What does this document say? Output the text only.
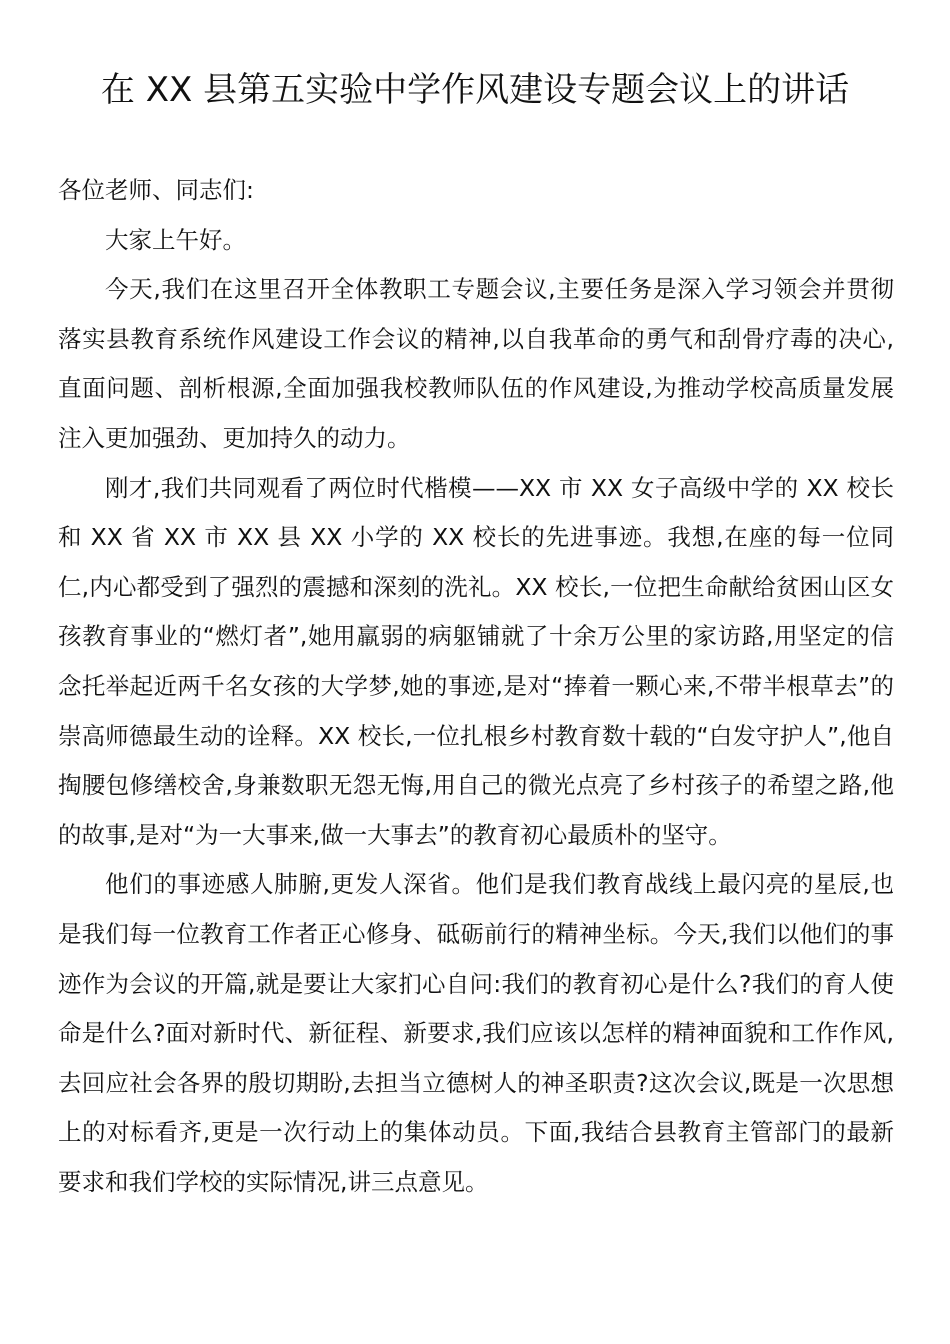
在 XX 县第五实验中学作风建设专题会议上的讲话

各位老师、同志们:

大家上午好。

今天,我们在这里召开全体教职工专题会议,主要任务是深入学习领会并贯彻落实县教育系统作风建设工作会议的精神,以自我革命的勇气和刮骨疗毒的决心,直面问题、剖析根源,全面加强我校教师队伍的作风建设,为推动学校高质量发展注入更加强劲、更加持久的动力。

刚才,我们共同观看了两位时代楷模——XX 市 XX 女子高级中学的 XX 校长和 XX 省 XX 市 XX 县 XX 小学的 XX 校长的先进事迹。我想,在座的每一位同仁,内心都受到了强烈的震撼和深刻的洗礼。XX 校长,一位把生命献给贫困山区女孩教育事业的“燃灯者”,她用羸弱的病躯铺就了十余万公里的家访路,用坚定的信念托举起近两千名女孩的大学梦,她的事迹,是对“捧着一颗心来,不带半根草去”的崇高师德最生动的诠释。XX 校长,一位扎根乡村教育数十载的“白发守护人”,他自掏腰包修缮校舍,身兼数职无怨无悔,用自己的微光点亮了乡村孩子的希望之路,他的故事,是对“为一大事来,做一大事去”的教育初心最质朴的坚守。

他们的事迹感人肺腑,更发人深省。他们是我们教育战线上最闪亮的星辰,也是我们每一位教育工作者正心修身、砥砺前行的精神坐标。今天,我们以他们的事迹作为会议的开篇,就是要让大家扪心自问:我们的教育初心是什么?我们的育人使命是什么?面对新时代、新征程、新要求,我们应该以怎样的精神面貌和工作作风,去回应社会各界的殷切期盼,去担当立德树人的神圣职责?这次会议,既是一次思想上的对标看齐,更是一次行动上的集体动员。下面,我结合县教育主管部门的最新要求和我们学校的实际情况,讲三点意见。
